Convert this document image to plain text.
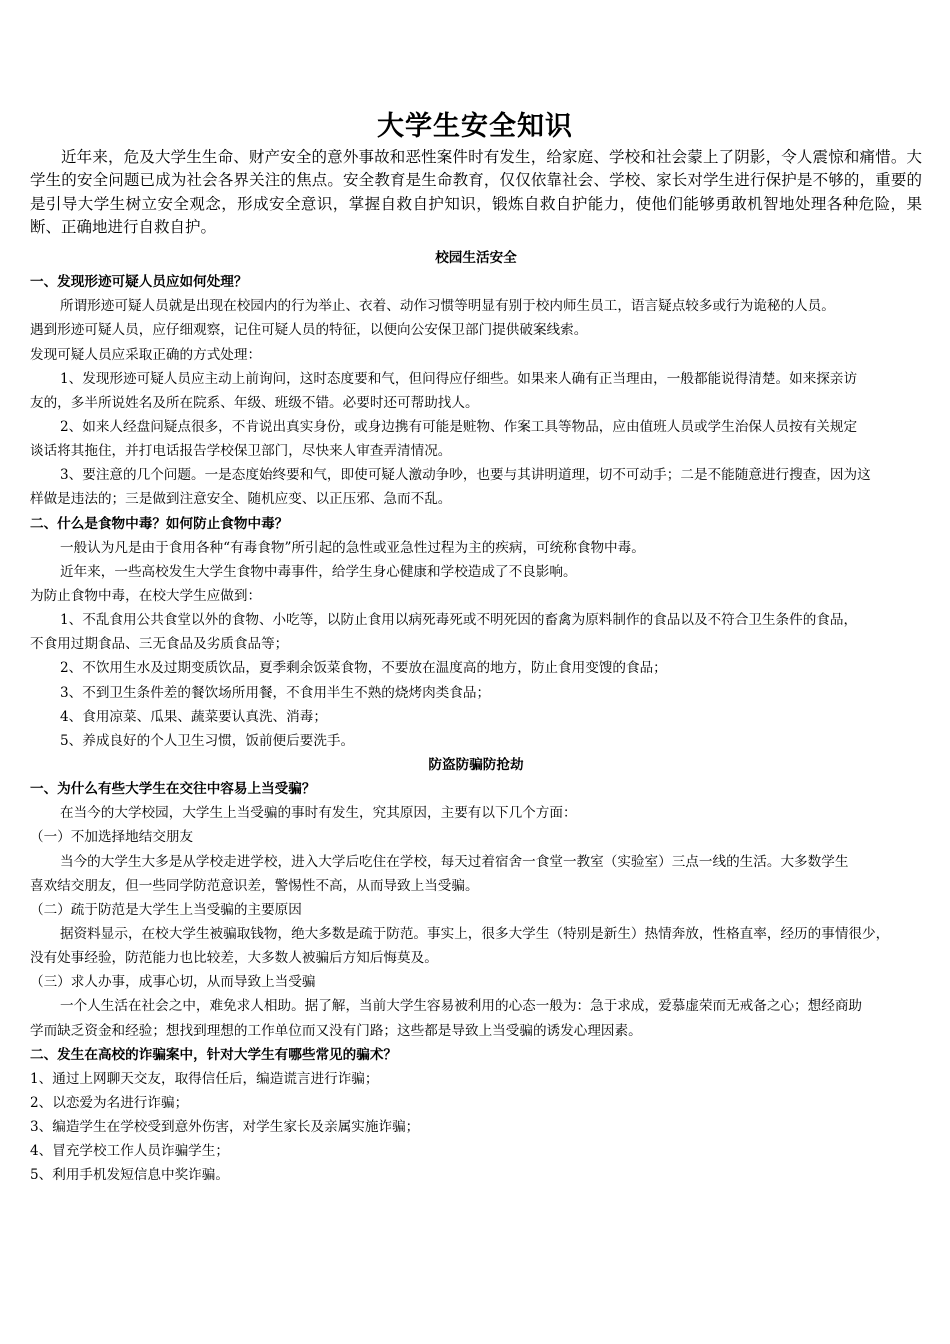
大学生安全知识

近年来，危及大学生生命、财产安全的意外事故和恶性案件时有发生，给家庭、学校和社会蒙上了阴影，令人震惊和痛惜。大学生的安全问题已成为社会各界关注的焦点。安全教育是生命教育，仅仅依靠社会、学校、家长对学生进行保护是不够的，重要的是引导大学生树立安全观念，形成安全意识，掌握自救自护知识，锻炼自救自护能力，使他们能够勇敢机智地处理各种危险，果断、正确地进行自救自护。

校园生活安全
一、发现形迹可疑人员应如何处理？
所谓形迹可疑人员就是出现在校园内的行为举止、衣着、动作习惯等明显有别于校内师生员工，语言疑点较多或行为诡秘的人员。
遇到形迹可疑人员，应仔细观察，记住可疑人员的特征，以便向公安保卫部门提供破案线索。
发现可疑人员应采取正确的方式处理：
1、发现形迹可疑人员应主动上前询问，这时态度要和气，但问得应仔细些。如果来人确有正当理由，一般都能说得清楚。如来探亲访
友的，多半所说姓名及所在院系、年级、班级不错。必要时还可帮助找人。
2、如来人经盘问疑点很多，不肯说出真实身份，或身边携有可能是赃物、作案工具等物品，应由值班人员或学生治保人员按有关规定
谈话将其拖住，并打电话报告学校保卫部门，尽快来人审查弄清情况。
3、要注意的几个问题。一是态度始终要和气，即使可疑人激动争吵，也要与其讲明道理，切不可动手；二是不能随意进行搜查，因为这
样做是违法的；三是做到注意安全、随机应变、以正压邪、急而不乱。
二、什么是食物中毒？如何防止食物中毒？
一般认为凡是由于食用各种“有毒食物”所引起的急性或亚急性过程为主的疾病，可统称食物中毒。
近年来，一些高校发生大学生食物中毒事件，给学生身心健康和学校造成了不良影响。
为防止食物中毒，在校大学生应做到：
1、不乱食用公共食堂以外的食物、小吃等，以防止食用以病死毒死或不明死因的畜禽为原料制作的食品以及不符合卫生条件的食品，
不食用过期食品、三无食品及劣质食品等；
2、不饮用生水及过期变质饮品，夏季剩余饭菜食物，不要放在温度高的地方，防止食用变馊的食品；
3、不到卫生条件差的餐饮场所用餐，不食用半生不熟的烧烤肉类食品；
4、食用凉菜、瓜果、蔬菜要认真洗、消毒；
5、养成良好的个人卫生习惯，饭前便后要洗手。
防盗防骗防抢劫
一、为什么有些大学生在交往中容易上当受骗？
在当今的大学校园，大学生上当受骗的事时有发生，究其原因，主要有以下几个方面：
（一）不加选择地结交朋友
当今的大学生大多是从学校走进学校，进入大学后吃住在学校，每天过着宿舍一食堂一教室（实验室）三点一线的生活。大多数学生
喜欢结交朋友，但一些同学防范意识差，警惕性不高，从而导致上当受骗。
（二）疏于防范是大学生上当受骗的主要原因
据资料显示，在校大学生被骗取钱物，绝大多数是疏于防范。事实上，很多大学生（特别是新生）热情奔放，性格直率，经历的事情很少，
没有处事经验，防范能力也比较差，大多数人被骗后方知后悔莫及。
（三）求人办事，成事心切，从而导致上当受骗
一个人生活在社会之中，难免求人相助。据了解，当前大学生容易被利用的心态一般为：急于求成，爱慕虚荣而无戒备之心；想经商助
学而缺乏资金和经验；想找到理想的工作单位而又没有门路；这些都是导致上当受骗的诱发心理因素。
二、发生在高校的诈骗案中，针对大学生有哪些常见的骗术？
1、通过上网聊天交友，取得信任后，编造谎言进行诈骗；
2、以恋爱为名进行诈骗；
3、编造学生在学校受到意外伤害，对学生家长及亲属实施诈骗；
4、冒充学校工作人员诈骗学生；
5、利用手机发短信息中奖诈骗。
